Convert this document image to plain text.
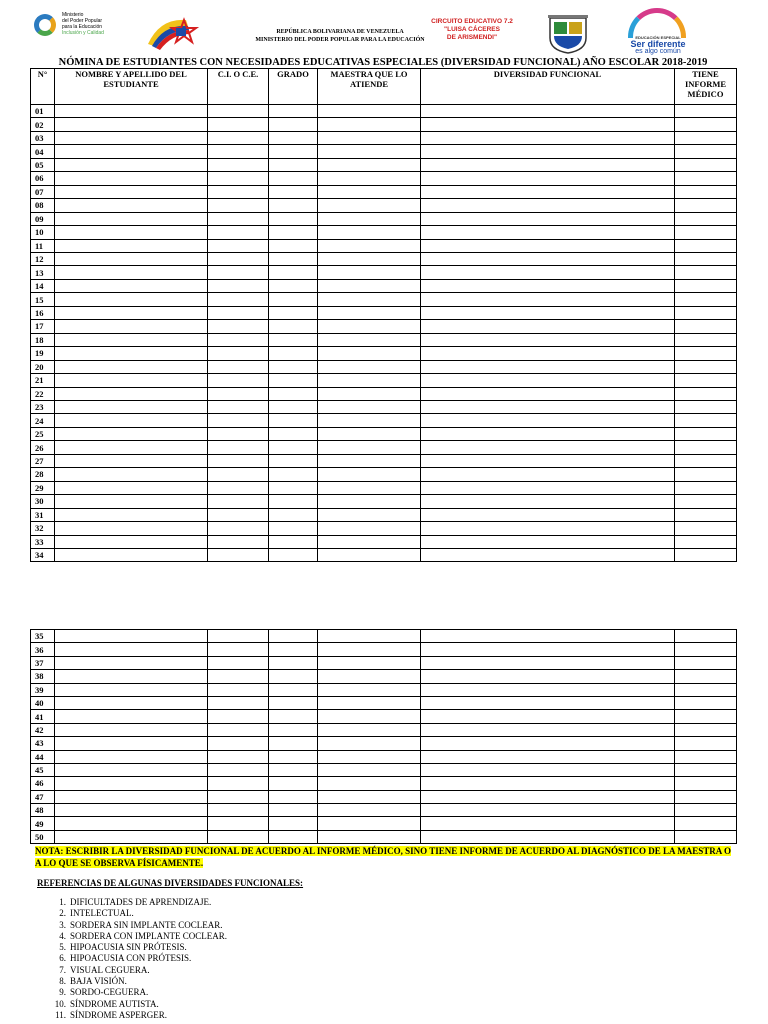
Ministerio
del Poder Popular
para la Educación
Inclusión y Calidad	REPÚBLICA BOLIVARIANA DE VENEZUELA
MINISTERIO DEL PODER POPULAR PARA LA EDUCACIÓN
CIRCUITO EDUCATIVO 7.2
"LUISA CÁCERES
DE ARISMENDI"	EDUCACIÓN ESPECIAL
Ser diferente
es algo común
NÓMINA DE ESTUDIANTES CON NECESIDADES EDUCATIVAS ESPECIALES (DIVERSIDAD FUNCIONAL) AÑO ESCOLAR 2018-2019
N°	NOMBRE Y APELLIDO DEL ESTUDIANTE	C.I. O C.E.	GRADO	MAESTRA QUE LO ATIENDE	DIVERSIDAD FUNCIONAL	TIENE INFORME MÉDICO
01						
02						
03						
04						
05						
06						
07						
08						
09						
10						
11						
12						
13						
14						
15						
16						
17						
18						
19						
20						
21						
22						
23						
24						
25						
26						
27						
28						
29						
30						
31						
32						
33						
34						
35						
36						
37						
38						
39						
40						
41						
42						
43						
44						
45						
46						
47						
48						
49						
50						
NOTA: ESCRIBIR LA DIVERSIDAD FUNCIONAL DE ACUERDO AL INFORME MÉDICO, SINO TIENE INFORME DE ACUERDO AL DIAGNÓSTICO DE LA MAESTRA O A LO QUE SE OBSERVA FÍSICAMENTE.
REFERENCIAS DE ALGUNAS DIVERSIDADES FUNCIONALES:
1. DIFICULTADES DE APRENDIZAJE.
2. INTELECTUAL.
3. SORDERA SIN IMPLANTE COCLEAR.
4. SORDERA CON IMPLANTE COCLEAR.
5. HIPOACUSIA SIN PRÓTESIS.
6. HIPOACUSIA CON PRÓTESIS.
7. VISUAL CEGUERA.
8. BAJA VISIÓN.
9. SORDO-CEGUERA.
10. SÍNDROME AUTISTA.
11. SÍNDROME ASPERGER.
